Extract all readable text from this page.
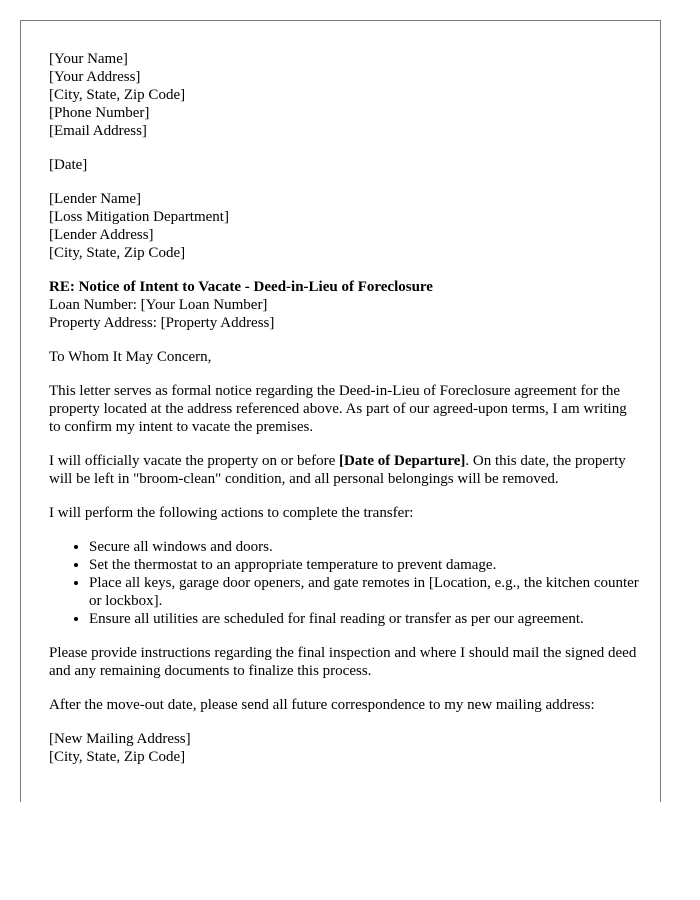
[Your Name]
[Your Address]
[City, State, Zip Code]
[Phone Number]
[Email Address]
[Date]
[Lender Name]
[Loss Mitigation Department]
[Lender Address]
[City, State, Zip Code]
RE: Notice of Intent to Vacate - Deed-in-Lieu of Foreclosure
Loan Number: [Your Loan Number]
Property Address: [Property Address]

To Whom It May Concern,

This letter serves as formal notice regarding the Deed-in-Lieu of Foreclosure agreement for the property located at the address referenced above. As part of our agreed-upon terms, I am writing to confirm my intent to vacate the premises.

I will officially vacate the property on or before [Date of Departure]. On this date, the property will be left in "broom-clean" condition, and all personal belongings will be removed.

I will perform the following actions to complete the transfer:

• Secure all windows and doors.
• Set the thermostat to an appropriate temperature to prevent damage.
• Place all keys, garage door openers, and gate remotes in [Location, e.g., the kitchen counter or lockbox].
• Ensure all utilities are scheduled for final reading or transfer as per our agreement.

Please provide instructions regarding the final inspection and where I should mail the signed deed and any remaining documents to finalize this process.

After the move-out date, please send all future correspondence to my new mailing address:

[New Mailing Address]
[City, State, Zip Code]
